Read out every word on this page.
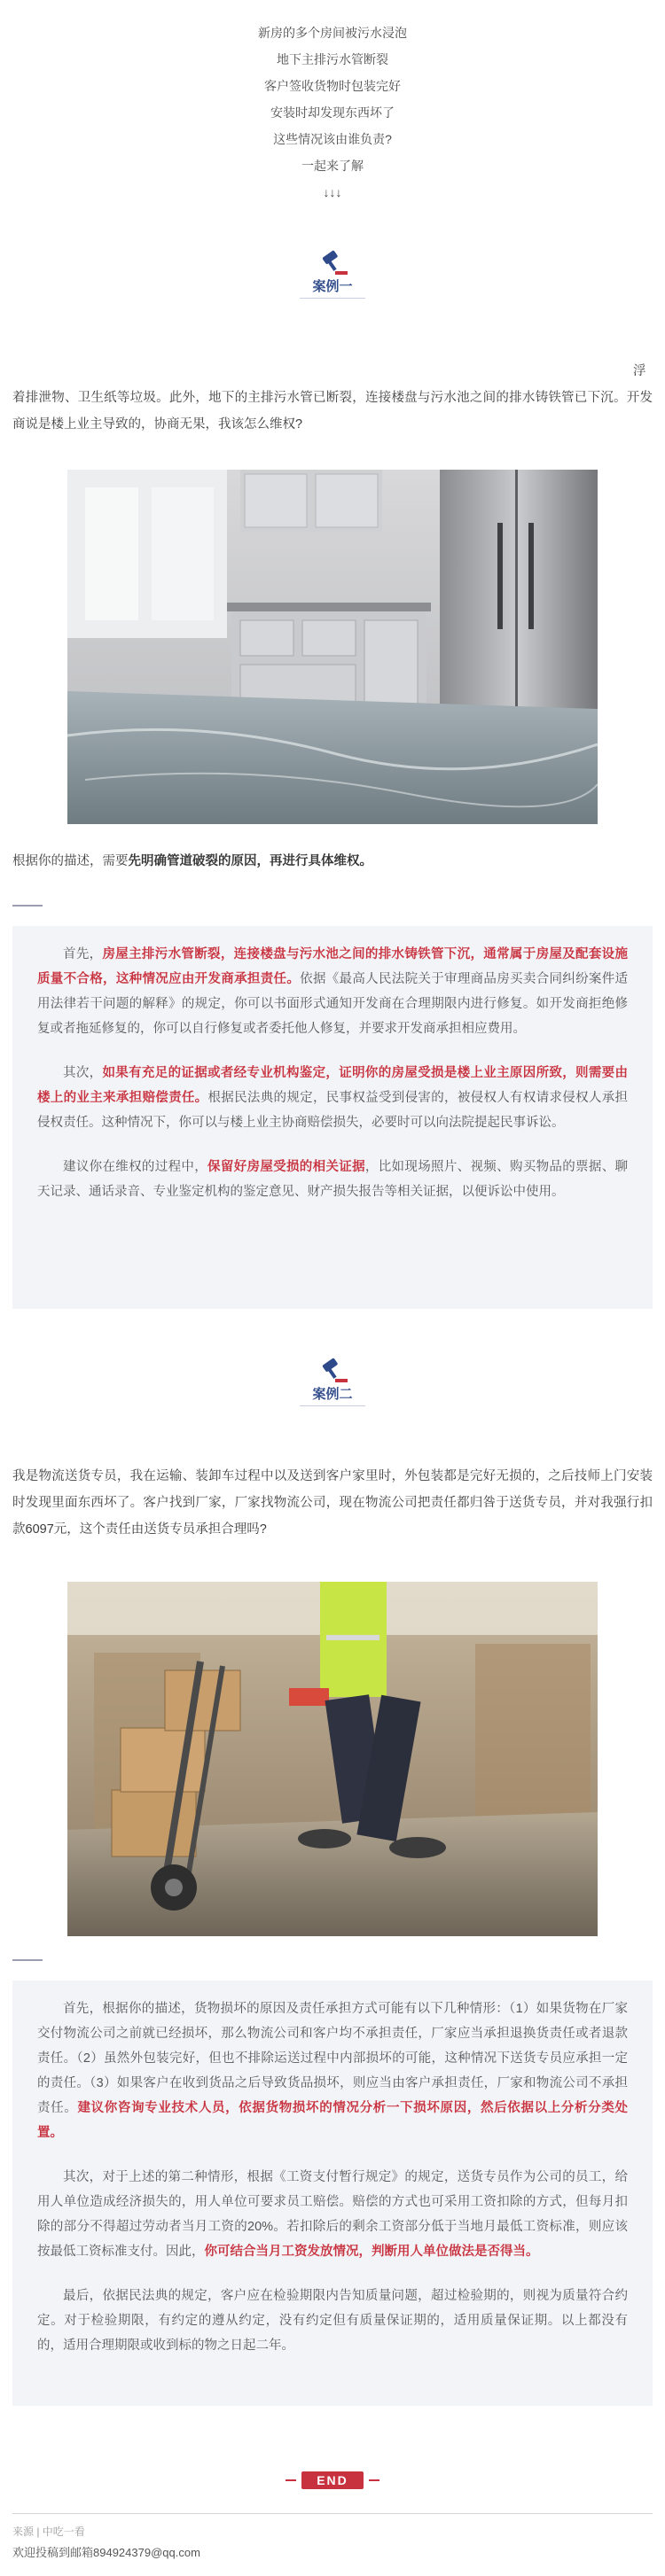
新房的多个房间被污水浸泡
地下主排污水管断裂
客户签收货物时包装完好
安装时却发现东西坏了
这些情况该由谁负责?
一起来了解
↓↓↓
案例一
浮
着排泄物、卫生纸等垃圾。此外，地下的主排污水管已断裂，连接楼盘与污水池之间的排水铸铁管已下沉。开发商说是楼上业主导致的，协商无果，我该怎么维权?
根据你的描述，需要先明确管道破裂的原因，再进行具体维权。

首先，房屋主排污水管断裂，连接楼盘与污水池之间的排水铸铁管下沉，通常属于房屋及配套设施质量不合格，这种情况应由开发商承担责任。依据《最高人民法院关于审理商品房买卖合同纠纷案件适用法律若干问题的解释》的规定，你可以书面形式通知开发商在合理期限内进行修复。如开发商拒绝修复或者拖延修复的，你可以自行修复或者委托他人修复，并要求开发商承担相应费用。

其次，如果有充足的证据或者经专业机构鉴定，证明你的房屋受损是楼上业主原因所致，则需要由楼上的业主来承担赔偿责任。根据民法典的规定，民事权益受到侵害的，被侵权人有权请求侵权人承担侵权责任。这种情况下，你可以与楼上业主协商赔偿损失，必要时可以向法院提起民事诉讼。

建议你在维权的过程中，保留好房屋受损的相关证据，比如现场照片、视频、购买物品的票据、聊天记录、通话录音、专业鉴定机构的鉴定意见、财产损失报告等相关证据，以便诉讼中使用。

案例二
我是物流送货专员，我在运输、装卸车过程中以及送到客户家里时，外包装都是完好无损的，之后技师上门安装时发现里面东西坏了。客户找到厂家，厂家找物流公司，现在物流公司把责任都归咎于送货专员，并对我强行扣款6097元，这个责任由送货专员承担合理吗?

首先，根据你的描述，货物损坏的原因及责任承担方式可能有以下几种情形：（1）如果货物在厂家交付物流公司之前就已经损坏，那么物流公司和客户均不承担责任，厂家应当承担退换货责任或者退款责任。（2）虽然外包装完好，但也不排除运送过程中内部损坏的可能，这种情况下送货专员应承担一定的责任。（3）如果客户在收到货品之后导致货品损坏，则应当由客户承担责任，厂家和物流公司不承担责任。建议你咨询专业技术人员，依据货物损坏的情况分析一下损坏原因，然后依据以上分析分类处置。

其次，对于上述的第二种情形，根据《工资支付暂行规定》的规定，送货专员作为公司的员工，给用人单位造成经济损失的，用人单位可要求员工赔偿。赔偿的方式也可采用工资扣除的方式，但每月扣除的部分不得超过劳动者当月工资的20%。若扣除后的剩余工资部分低于当地月最低工资标准，则应该按最低工资标准支付。因此，你可结合当月工资发放情况，判断用人单位做法是否得当。

最后，依据民法典的规定，客户应在检验期限内告知质量问题，超过检验期的，则视为质量符合约定。对于检验期限，有约定的遵从约定，没有约定但有质量保证期的，适用质量保证期。以上都没有的，适用合理期限或收到标的物之日起二年。

END
来源 | 中吃一看
欢迎投稿到邮箱894924379@qq.com
